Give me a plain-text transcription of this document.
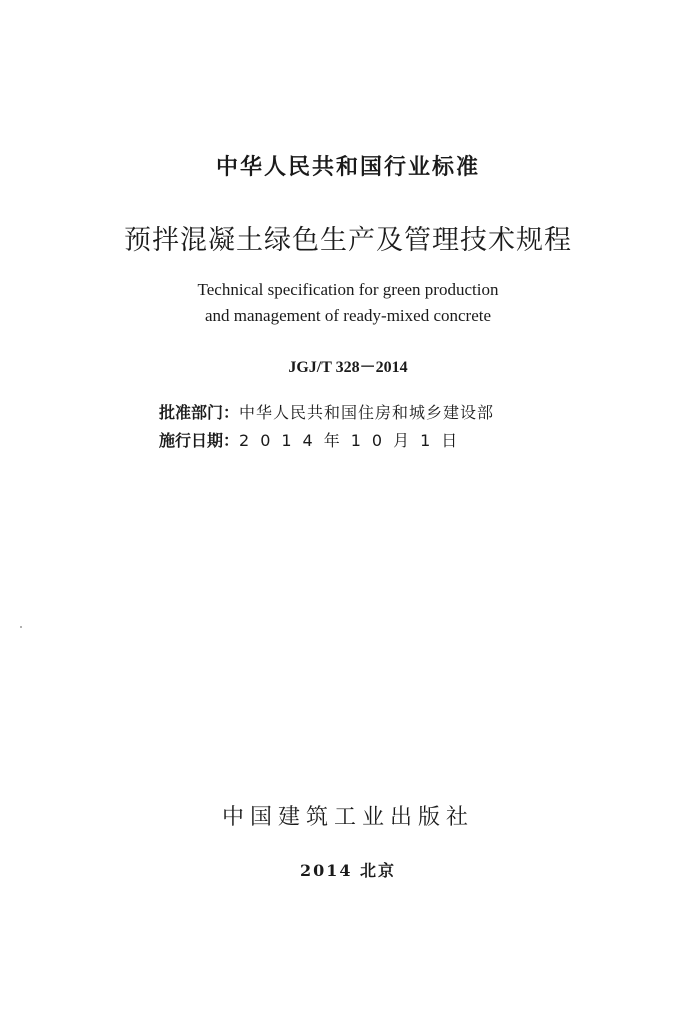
中华人民共和国行业标准
预拌混凝土绿色生产及管理技术规程
Technical specification for green production
and management of ready-mixed concrete
JGJ/T 328－2014
批准部门：中华人民共和国住房和城乡建设部
施行日期：2014年10月1日
中国建筑工业出版社
2014 北京
